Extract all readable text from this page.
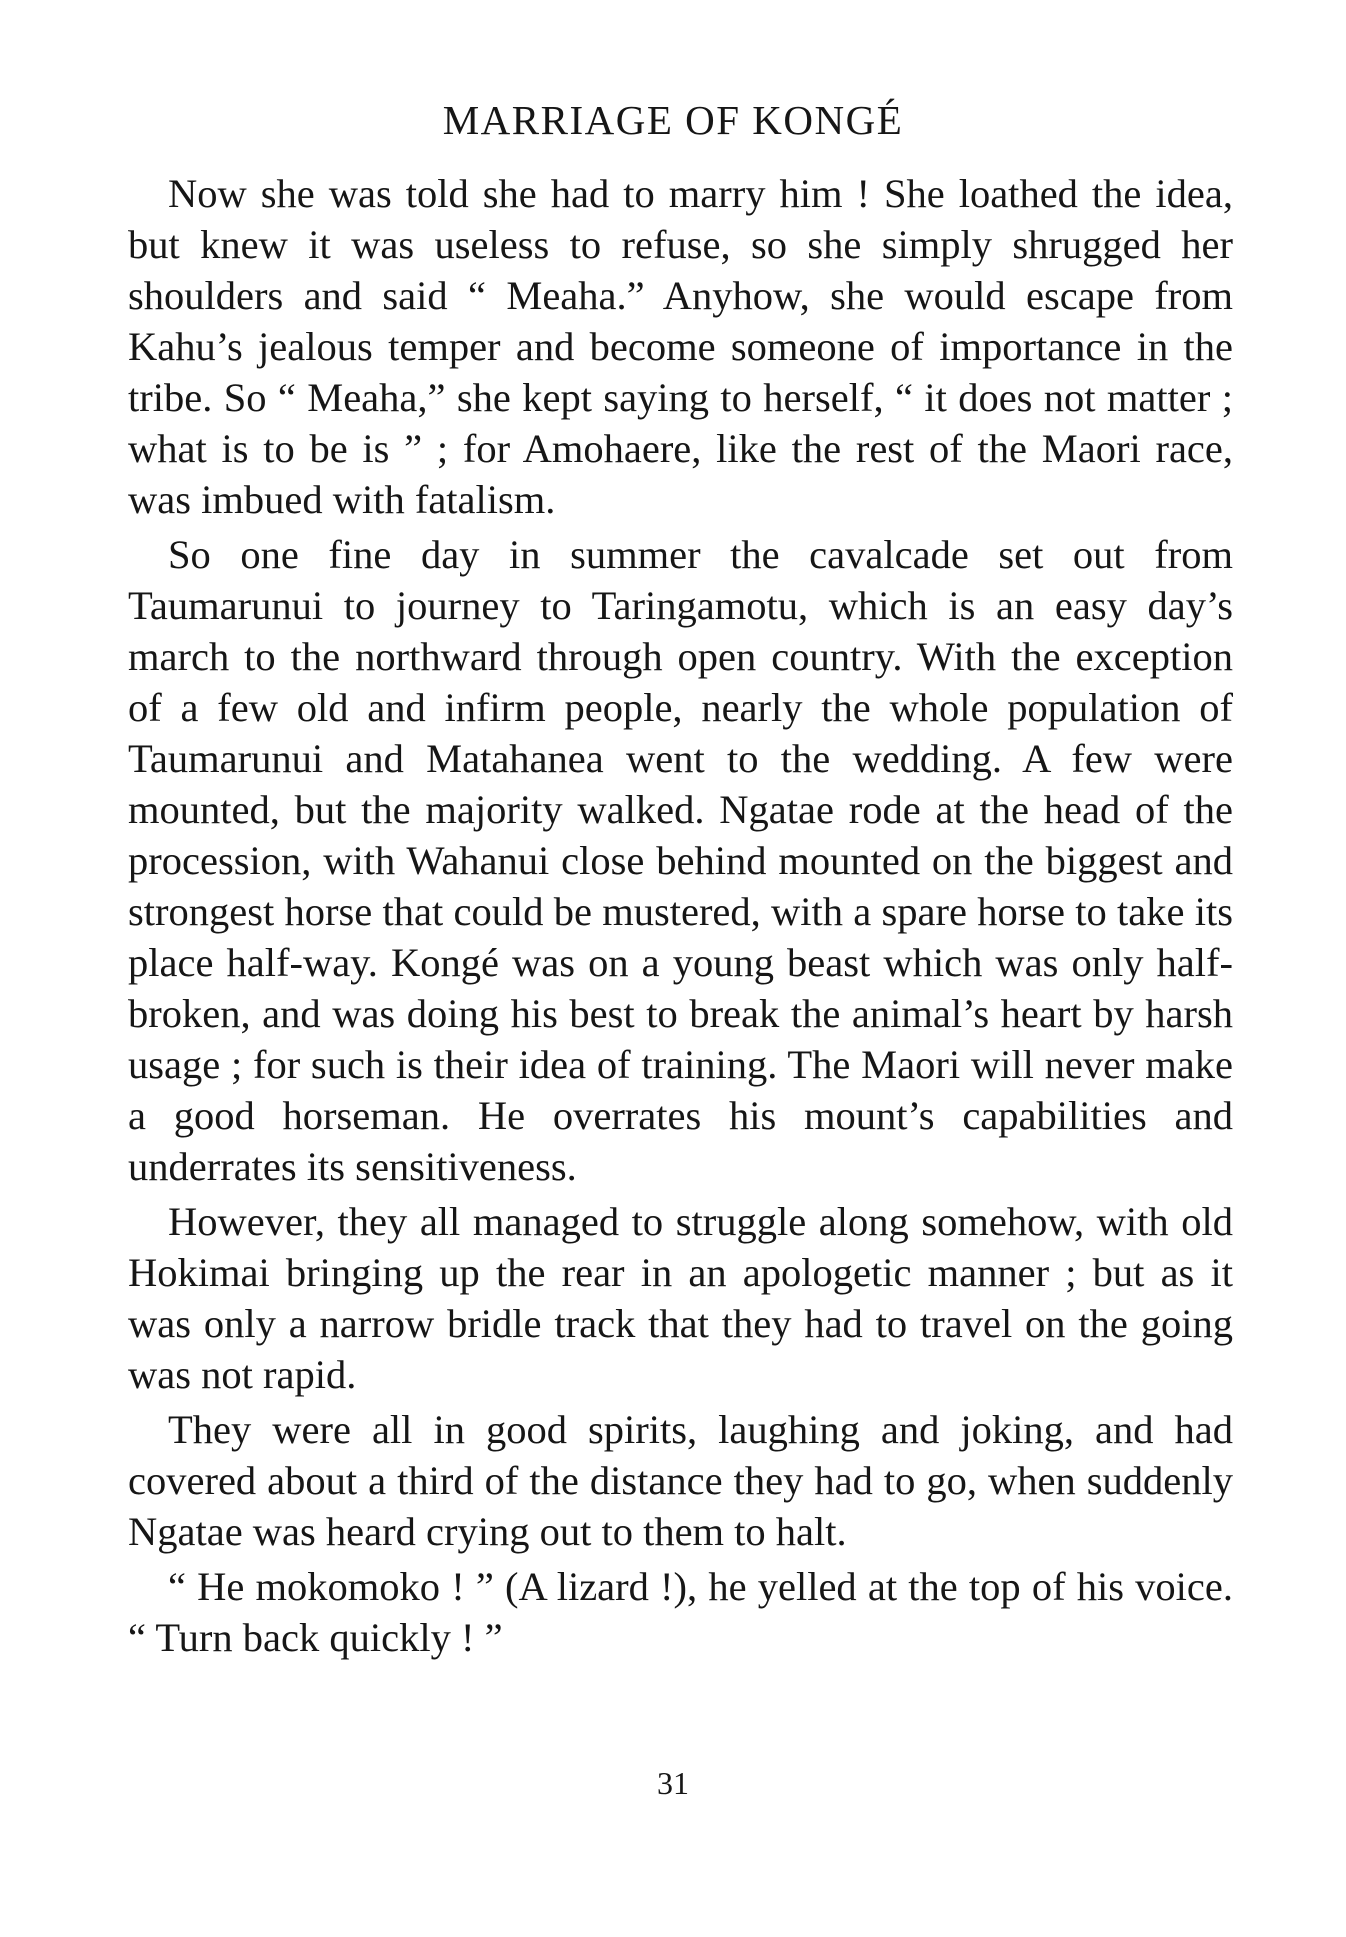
MARRIAGE OF KONGÉ

Now she was told she had to marry him ! She loathed the idea, but knew it was useless to refuse, so she simply shrugged her shoulders and said “ Meaha.” Anyhow, she would escape from Kahu’s jealous temper and become someone of importance in the tribe. So “ Meaha,” she kept saying to herself, “ it does not matter ; what is to be is ” ; for Amohaere, like the rest of the Maori race, was imbued with fatalism.

So one fine day in summer the cavalcade set out from Taumarunui to journey to Taringamotu, which is an easy day’s march to the northward through open country. With the exception of a few old and infirm people, nearly the whole population of Taumarunui and Matahanea went to the wedding. A few were mounted, but the majority walked. Ngatae rode at the head of the procession, with Wahanui close behind mounted on the biggest and strongest horse that could be mustered, with a spare horse to take its place half-way. Kongé was on a young beast which was only half-broken, and was doing his best to break the animal’s heart by harsh usage ; for such is their idea of training. The Maori will never make a good horseman. He overrates his mount’s capabilities and underrates its sensitiveness.

However, they all managed to struggle along somehow, with old Hokimai bringing up the rear in an apologetic manner ; but as it was only a narrow bridle track that they had to travel on the going was not rapid.

They were all in good spirits, laughing and joking, and had covered about a third of the distance they had to go, when suddenly Ngatae was heard crying out to them to halt.

“ He mokomoko ! ” (A lizard !), he yelled at the top of his voice. “ Turn back quickly ! ”

31
